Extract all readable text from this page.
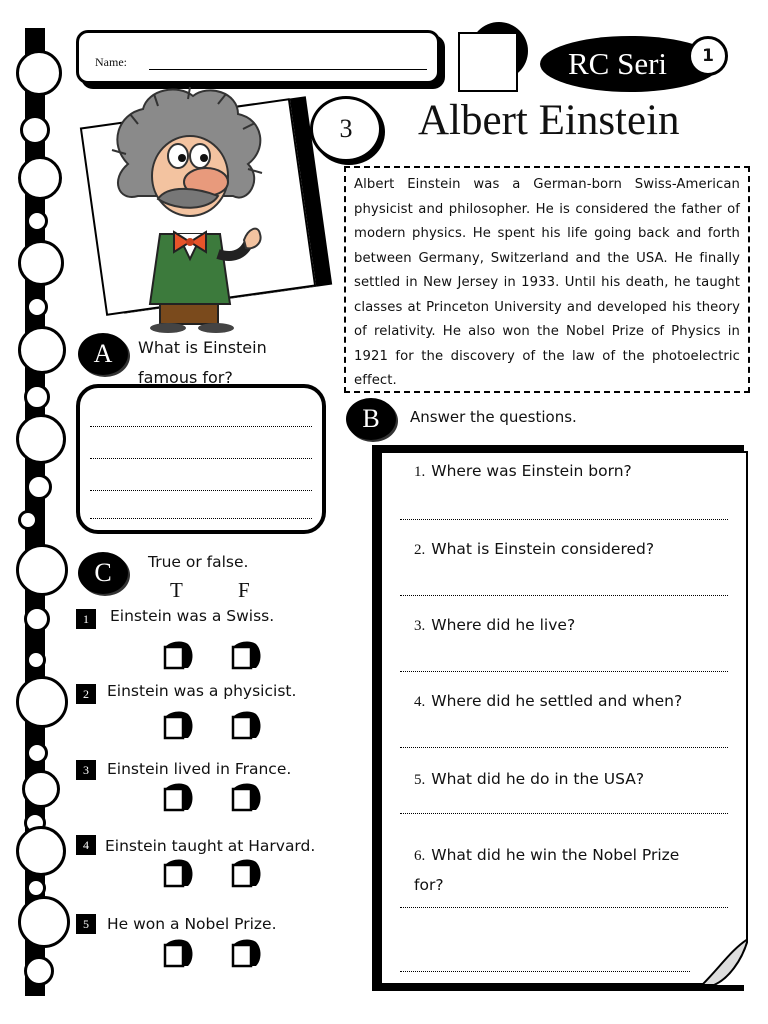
Name:	RC Seri	1
3	Albert Einstein
Albert Einstein was a German-born Swiss-American physicist and philosopher. He is considered the father of modern physics. He spent his life going back and forth between Germany, Switzerland and the USA. He finally settled in New Jersey in 1933. Until his death, he taught classes at Princeton University and developed his theory of relativity. He also won the Nobel Prize of Physics in 1921 for the discovery of the law of the photoelectric effect.
A	What is Einstein famous for?
B	Answer the questions.
1. Where was Einstein born?
2. What is Einstein considered?
3. Where did he live?
4. Where did he settled and when?
5. What did he do in the USA?
6. What did he win the Nobel Prize for?
C	True or false.
T	F
1	Einstein was a Swiss.
2	Einstein was a physicist.
3	Einstein lived in France.
4	Einstein taught at Harvard.
5	He won a Nobel Prize.
